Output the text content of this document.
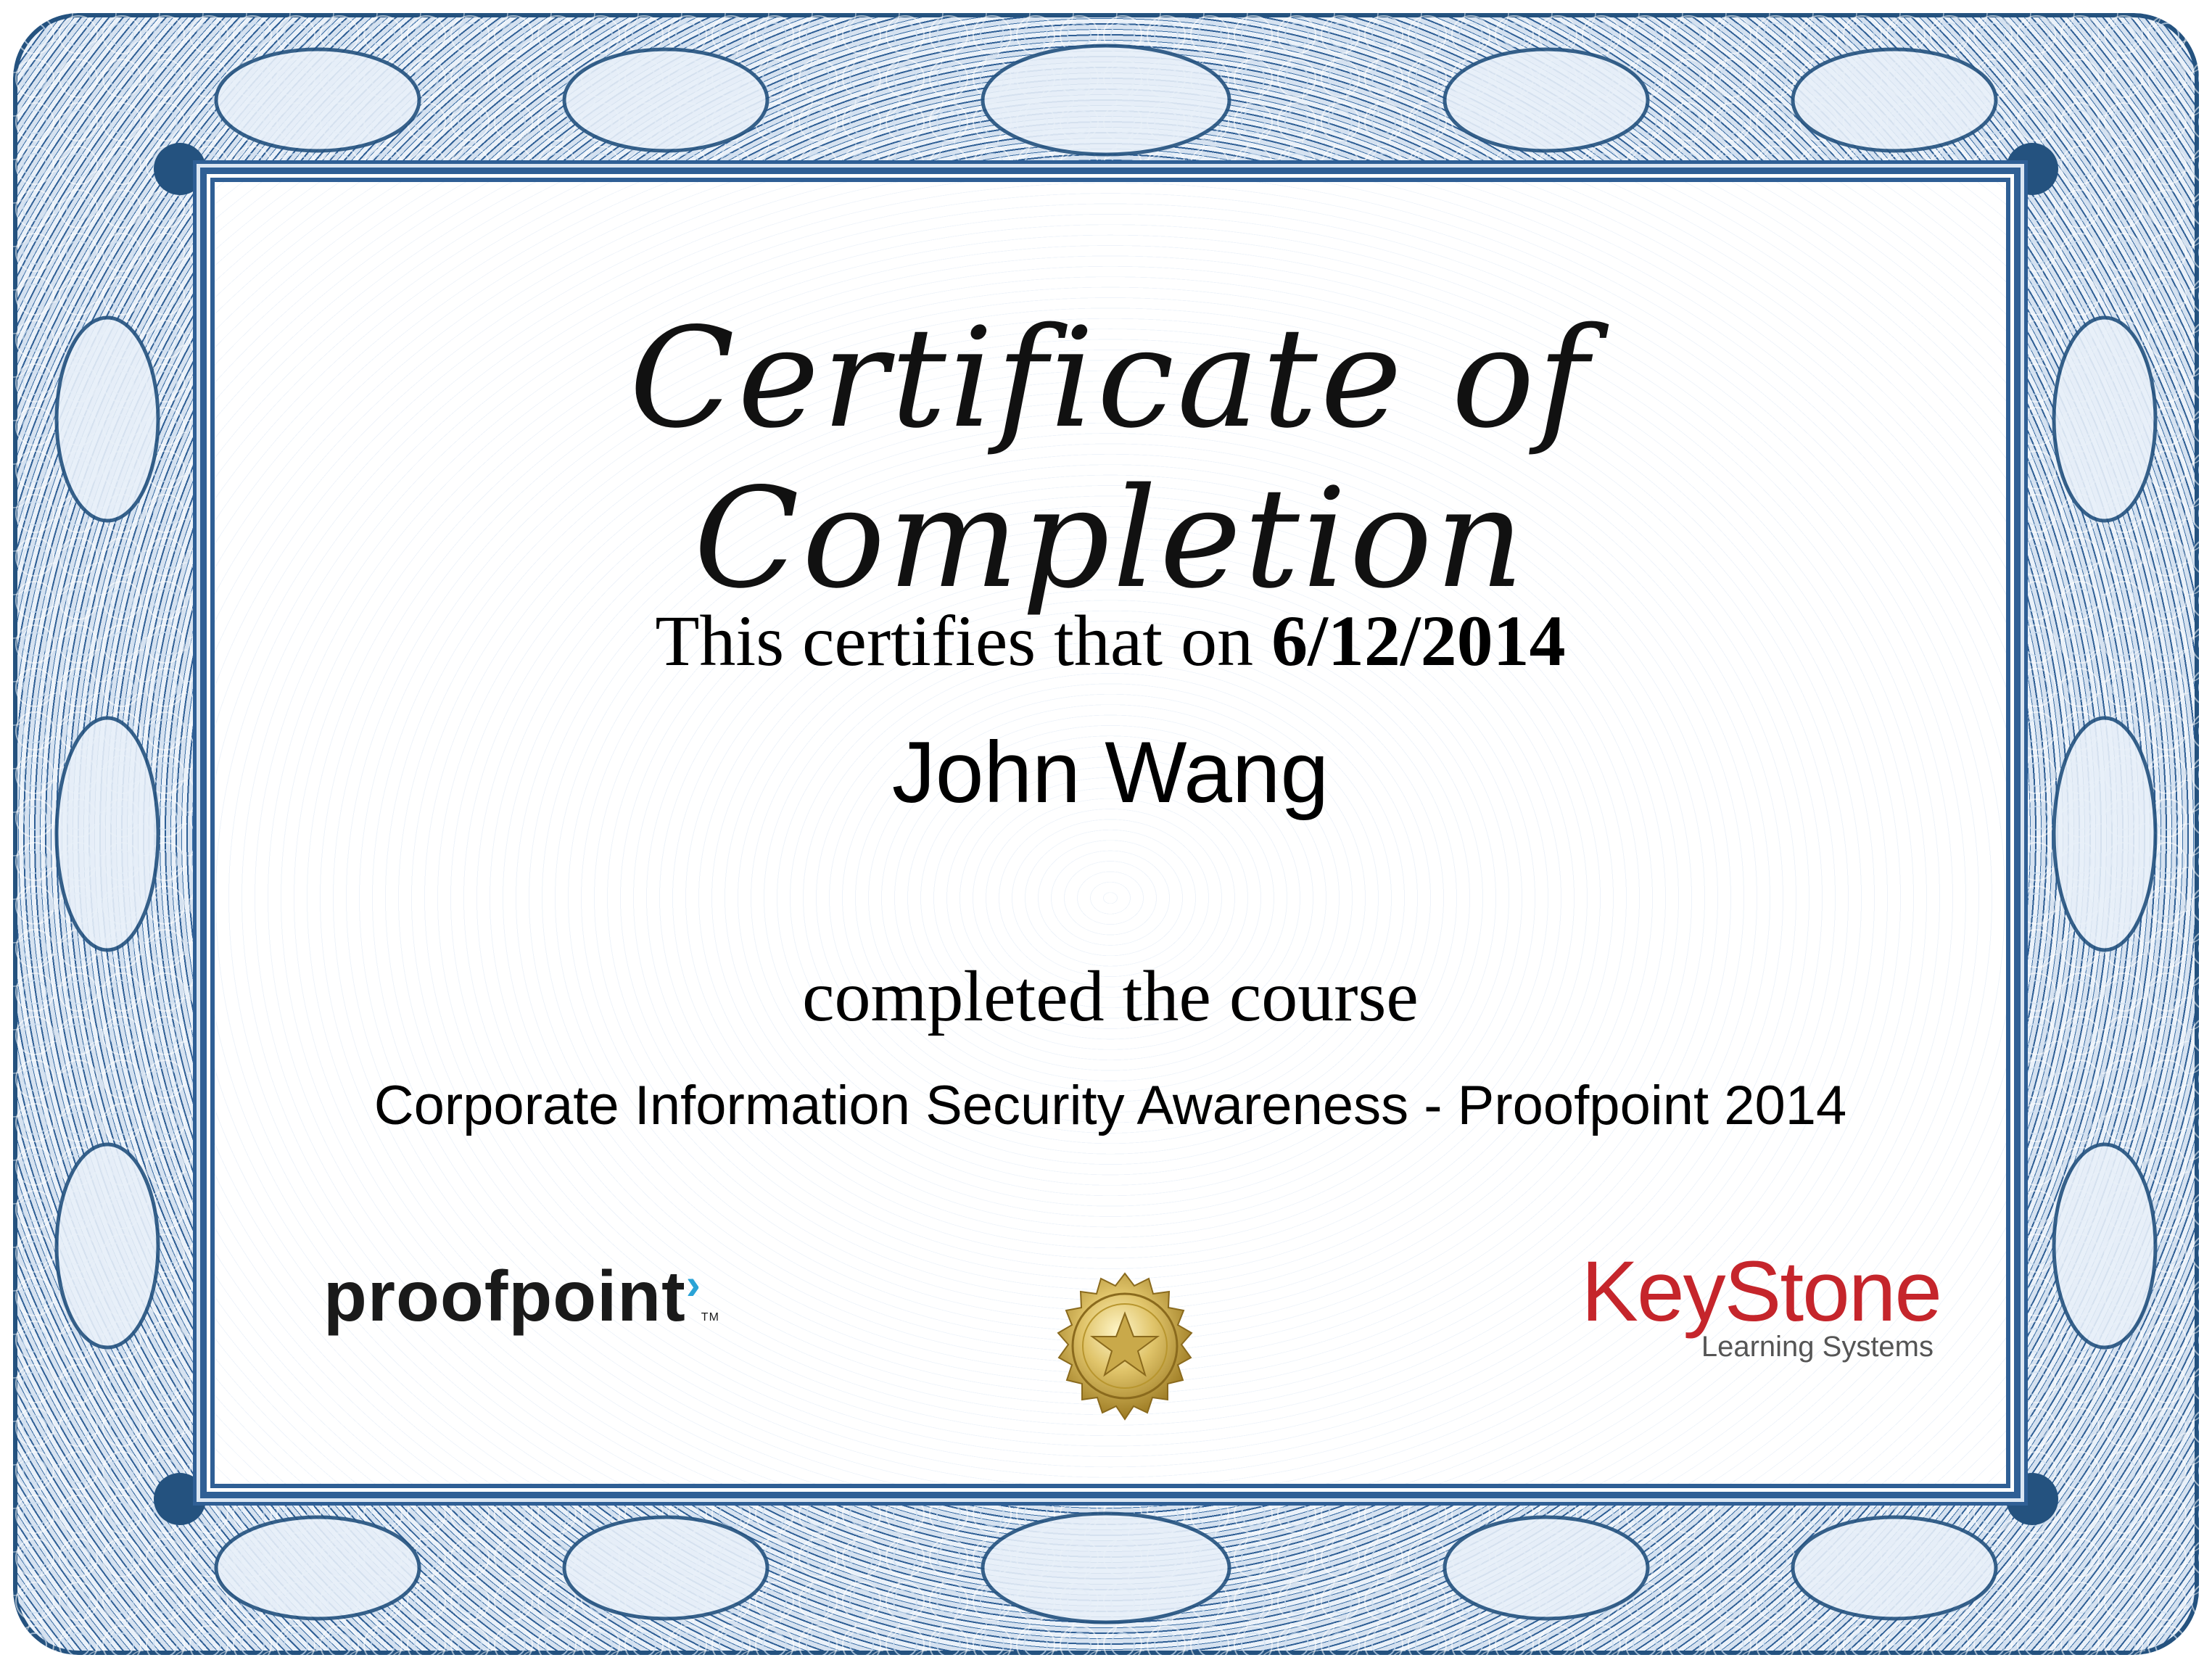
Certificate of Completion
This certifies that on 6/12/2014
John Wang
completed the course
Corporate Information Security Awareness - Proofpoint 2014
proofpoint›TM	KeyStone
Learning Systems
